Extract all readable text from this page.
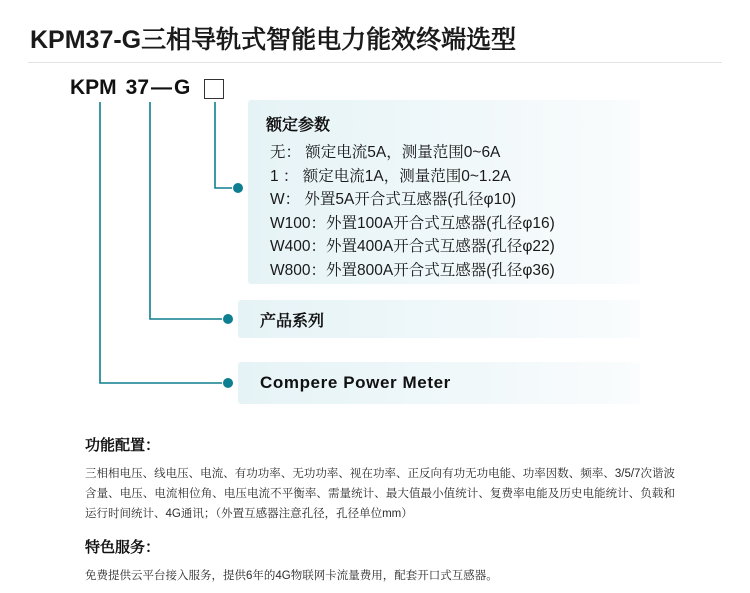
KPM37-G三相导轨式智能电力能效终端选型
KPM 37 — G
额定参数
无： 额定电流5A，测量范围0~6A
1 ： 额定电流1A，测量范围0~1.2A
W： 外置5A开合式互感器(孔径φ10)
W100：外置100A开合式互感器(孔径φ16)
W400：外置400A开合式互感器(孔径φ22)
W800：外置800A开合式互感器(孔径φ36)
产品系列
Compere Power Meter
功能配置：
三相相电压、线电压、电流、有功功率、无功功率、视在功率、正反向有功无功电能、功率因数、频率、3/5/7次谐波含量、电压、电流相位角、电压电流不平衡率、需量统计、最大值最小值统计、复费率电能及历史电能统计、负载和运行时间统计、4G通讯；（外置互感器注意孔径，孔径单位mm）
特色服务：
免费提供云平台接入服务，提供6年的4G物联网卡流量费用，配套开口式互感器。
